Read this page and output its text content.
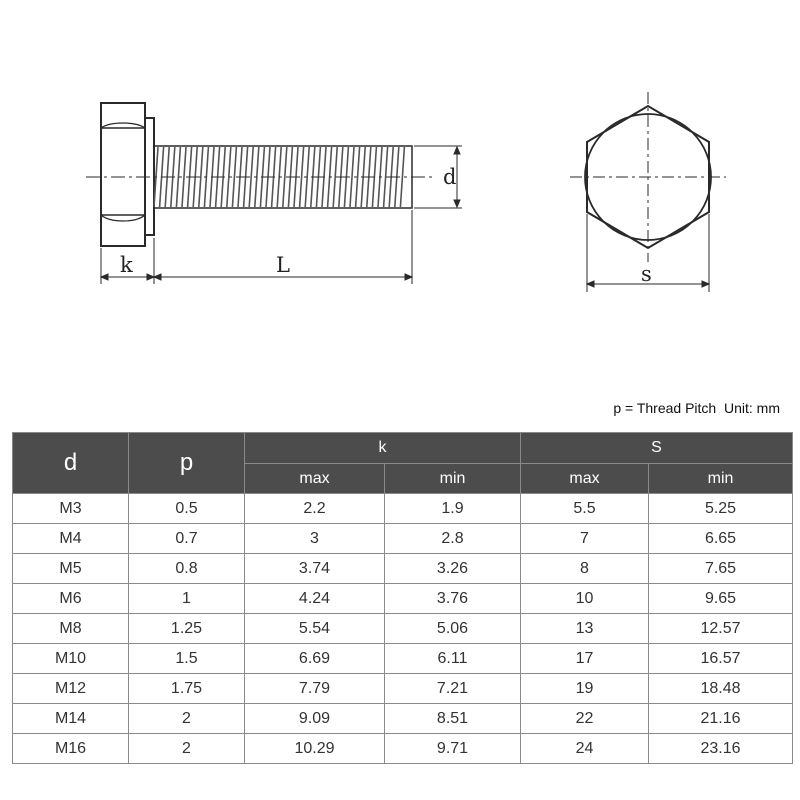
d
k	L	s
p = Thread Pitch  Unit: mm
d	p	k		S	
		max	min	max	min
M3	0.5	2.2	1.9	5.5	5.25
M4	0.7	3	2.8	7	6.65
M5	0.8	3.74	3.26	8	7.65
M6	1	4.24	3.76	10	9.65
M8	1.25	5.54	5.06	13	12.57
M10	1.5	6.69	6.11	17	16.57
M12	1.75	7.79	7.21	19	18.48
M14	2	9.09	8.51	22	21.16
M16	2	10.29	9.71	24	23.16
